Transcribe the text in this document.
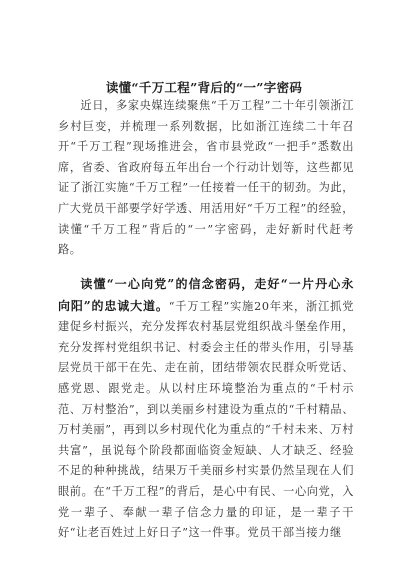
读懂“千万工程”背后的“一”字密码
近日，多家央媒连续聚焦“千万工程”二十年引领浙江乡村巨变，并梳理一系列数据，比如浙江连续二十年召开“千万工程”现场推进会，省市县党政“一把手”悉数出席，省委、省政府每五年出台一个行动计划等，这些都见证了浙江实施“千万工程”一任接着一任干的韧劲。为此，广大党员干部要学好学透、用活用好“千万工程”的经验，读懂“千万工程”背后的“一”字密码，走好新时代赶考路。
读懂“一心向党”的信念密码，走好“一片丹心永向阳”的忠诚大道。“千万工程”实施20年来，浙江抓党建促乡村振兴，充分发挥农村基层党组织战斗堡垒作用，充分发挥村党组织书记、村委会主任的带头作用，引导基层党员干部干在先、走在前，团结带领农民群众听党话、感党恩、跟党走。从以村庄环境整治为重点的“千村示范、万村整治”，到以美丽乡村建设为重点的“千村精品、万村美丽”，再到以乡村现代化为重点的“千村未来、万村共富”，虽说每个阶段都面临资金短缺、人才缺乏、经验不足的种种挑战，结果万千美丽乡村实景仍然呈现在人们眼前。在“千万工程”的背后，是心中有民、一心向党，入党一辈子、奉献一辈子信念力量的印证，是一辈子干好“让老百姓过上好日子”这一件事。党员干部当接力继
